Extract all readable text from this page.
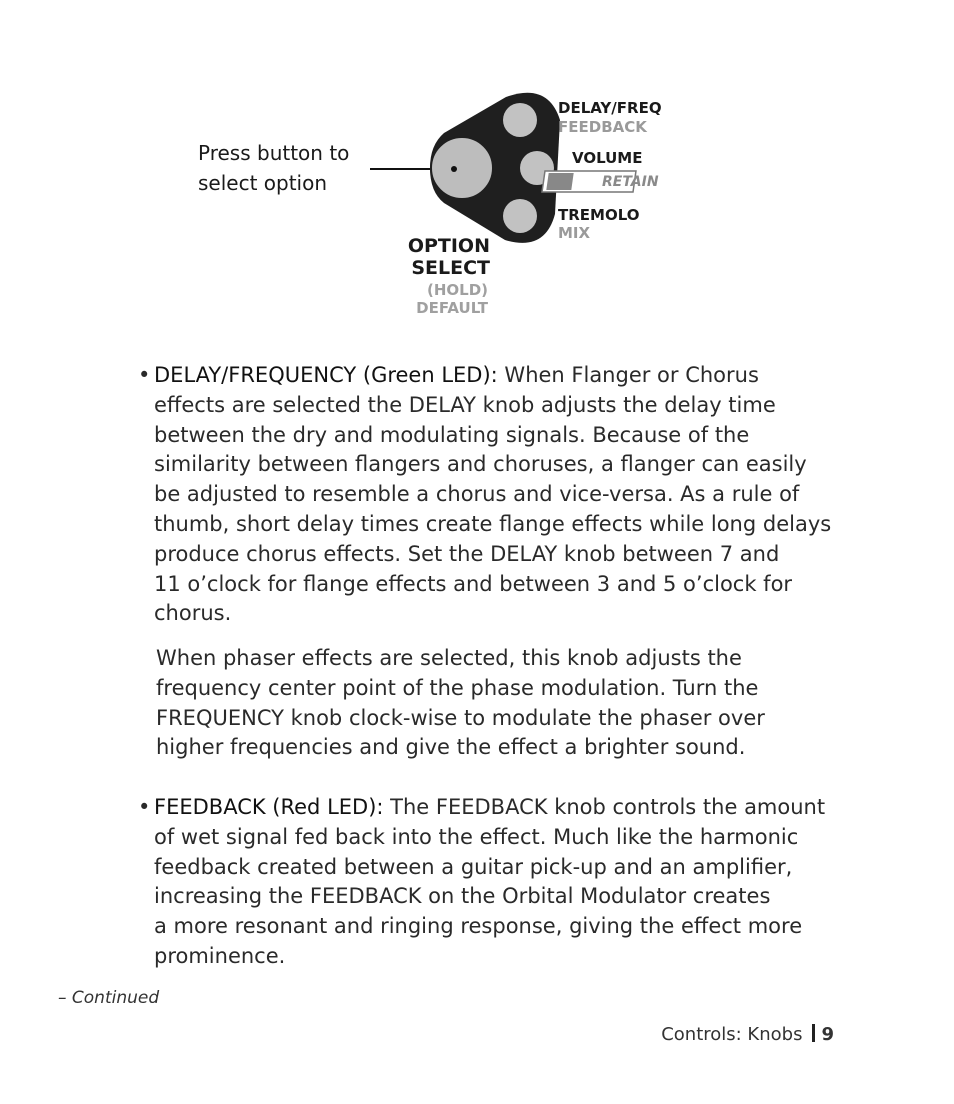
Press button to
select option
DELAY/FREQ
FEEDBACK
VOLUME
LO RETAIN
TREMOLO
MIX
OPTION
SELECT
(HOLD)
DEFAULT
• DELAY/FREQUENCY (Green LED): When Flanger or Chorus
effects are selected the DELAY knob adjusts the delay time
between the dry and modulating signals. Because of the
similarity between flangers and choruses, a flanger can easily
be adjusted to resemble a chorus and vice-versa. As a rule of
thumb, short delay times create flange effects while long delays
produce chorus effects. Set the DELAY knob between 7 and
11 o’clock for flange effects and between 3 and 5 o’clock for
chorus.
When phaser effects are selected, this knob adjusts the
frequency center point of the phase modulation. Turn the
FREQUENCY knob clock-wise to modulate the phaser over
higher frequencies and give the effect a brighter sound.
• FEEDBACK (Red LED): The FEEDBACK knob controls the amount
of wet signal fed back into the effect. Much like the harmonic
feedback created between a guitar pick-up and an amplifier,
increasing the FEEDBACK on the Orbital Modulator creates
a more resonant and ringing response, giving the effect more
prominence.
– Continued
Controls: Knobs 9
